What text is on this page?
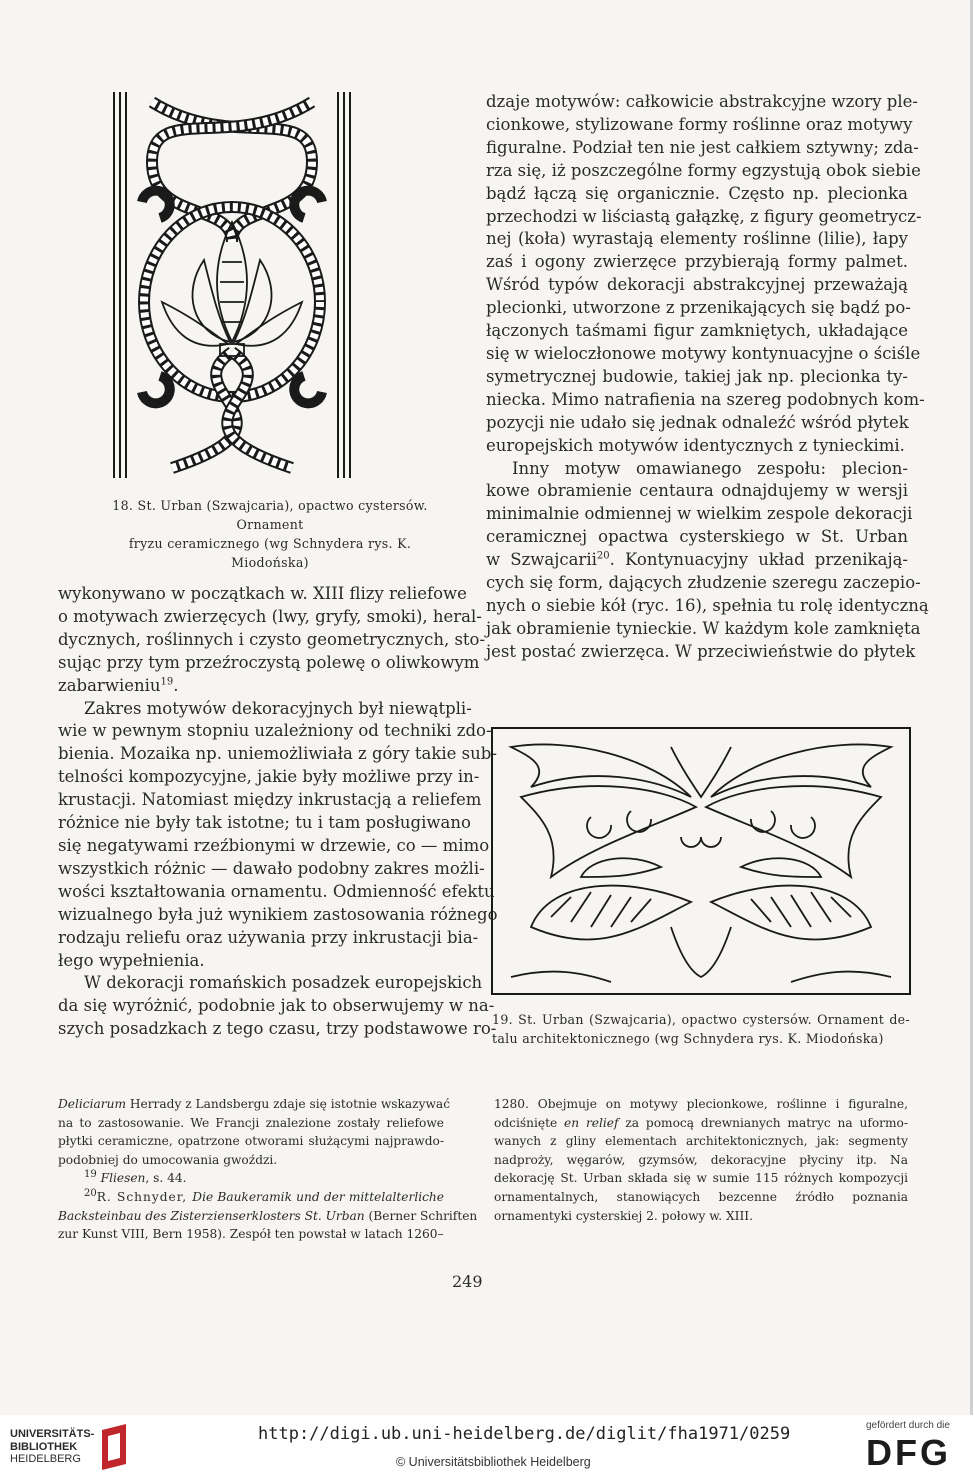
18. St. Urban (Szwajcaria), opactwo cystersów. Ornament
fryzu ceramicznego (wg Schnydera rys. K. Miodońska)

wykonywano w początkach w. XIII flizy reliefowe

o motywach zwierzęcych (lwy, gryfy, smoki), heral-

dycznych, roślinnych i czysto geometrycznych, sto-

sując przy tym przeźroczystą polewę o oliwkowym

zabarwieniu$^{19}$.

Zakres motywów dekoracyjnych był niewątpli-

wie w pewnym stopniu uzależniony od techniki zdo-

bienia. Mozaika np. uniemożliwiała z góry takie sub-

telności kompozycyjne, jakie były możliwe przy in-

krustacji. Natomiast między inkrustacją a reliefem

różnice nie były tak istotne; tu i tam posługiwano

się negatywami rzeźbionymi w drzewie, co — mimo

wszystkich różnic — dawało podobny zakres możli-

wości kształtowania ornamentu. Odmienność efektu

wizualnego była już wynikiem zastosowania różnego

rodzaju reliefu oraz używania przy inkrustacji bia-

łego wypełnienia.

W dekoracji romańskich posadzek europejskich

da się wyróżnić, podobnie jak to obserwujemy w na-

szych posadzkach z tego czasu, trzy podstawowe ro-

dzaje motywów: całkowicie abstrakcyjne wzory ple-

cionkowe, stylizowane formy roślinne oraz motywy

figuralne. Podział ten nie jest całkiem sztywny; zda-

rza się, iż poszczególne formy egzystują obok siebie

bądź łączą się organicznie. Często np. plecionka

przechodzi w liściastą gałązkę, z figury geometrycz-

nej (koła) wyrastają elementy roślinne (lilie), łapy

zaś i ogony zwierzęce przybierają formy palmet.

Wśród typów dekoracji abstrakcyjnej przeważają

plecionki, utworzone z przenikających się bądź po-

łączonych taśmami figur zamkniętych, układające

się w wieloczłonowe motywy kontynuacyjne o ściśle

symetrycznej budowie, takiej jak np. plecionka ty-

niecka. Mimo natrafienia na szereg podobnych kom-

pozycji nie udało się jednak odnaleźć wśród płytek

europejskich motywów identycznych z tynieckimi.

Inny motyw omawianego zespołu: plecion-

kowe obramienie centaura odnajdujemy w wersji

minimalnie odmiennej w wielkim zespole dekoracji

ceramicznej opactwa cysterskiego w St. Urban

w Szwajcarii$^{20}$. Kontynuacyjny układ przenikają-

cych się form, dających złudzenie szeregu zaczepio-

nych o siebie kół (ryc. 16), spełnia tu rolę identyczną

jak obramienie tynieckie. W każdym kole zamknięta

jest postać zwierzęca. W przeciwieństwie do płytek

19. St. Urban (Szwajcaria), opactwo cystersów. Ornament de-
talu architektonicznego (wg Schnydera rys. K. Miodońska)

Deliciarum Herrady z Landsbergu zdaje się istotnie wskazywać

na to zastosowanie. We Francji znalezione zostały reliefowe

płytki ceramiczne, opatrzone otworami służącymi najprawdo-

podobniej do umocowania gwoździ.

$^{19}$ Fliesen, s. 44.

$^{20}$R. Schnyder, Die Baukeramik und der mittelalterliche

Backsteinbau des Zisterzienserklosters St. Urban (Berner Schriften

zur Kunst VIII, Bern 1958). Zespół ten powstał w latach 1260–

1280. Obejmuje on motywy plecionkowe, roślinne i figuralne,

odciśnięte en relief za pomocą drewnianych matryc na uformo-

wanych z gliny elementach architektonicznych, jak: segmenty

nadproży, węgarów, gzymsów, dekoracyjne płyciny itp. Na

dekorację St. Urban składa się w sumie 115 różnych kompozycji

ornamentalnych, stanowiących bezcenne źródło poznania

ornamentyki cysterskiej 2. połowy w. XIII.

249
UNIVERSITÄTS-
BIBLIOTHEK
HEIDELBERG
http://digi.ub.uni-heidelberg.de/diglit/fha1971/0259
© Universitätsbibliothek Heidelberg
gefördert durch die
DFG
